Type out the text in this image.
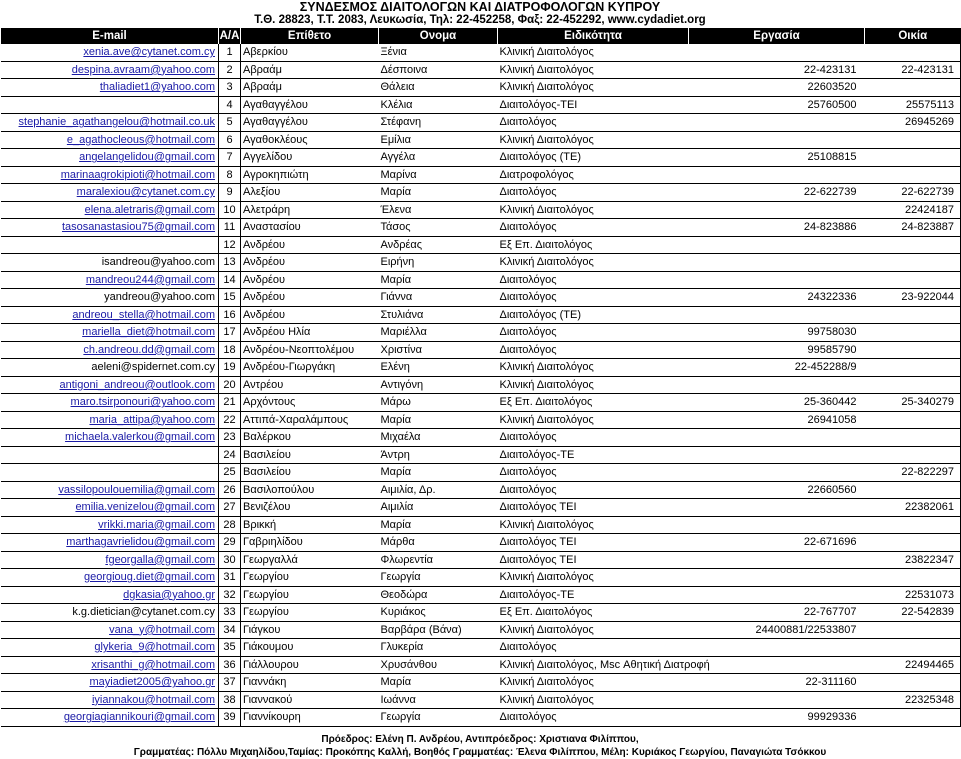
ΣΥΝΔΕΣΜΟΣ ΔΙΑΙΤΟΛΟΓΩΝ ΚΑΙ ΔΙΑΤΡΟΦΟΛΟΓΩΝ ΚΥΠΡΟΥ
Τ.Θ. 28823, Τ.Τ. 2083, Λευκωσία, Τηλ: 22-452258, Φαξ: 22-452292, www.cydadiet.org
E-mail	Α/Α	Επίθετο	Ονομα	Ειδικότητα	Εργασία	Οικία
xenia.ave@cytanet.com.cy	1	Αβερκίου	Ξένια	Κλινική Διαιτολόγος		
despina.avraam@yahoo.com	2	Αβραάμ	Δέσποινα	Κλινική Διαιτολόγος	22-423131	22-423131
thaliadiet1@yahoo.com	3	Αβραάμ	Θάλεια	Κλινική Διαιτολόγος	22603520	
	4	Αγαθαγγέλου	Κλέλια	Διαιτολόγος-ΤΕΙ	25760500	25575113
stephanie_agathangelou@hotmail.co.uk	5	Αγαθαγγέλου	Στέφανη	Διαιτολόγος		26945269
e_agathocleous@hotmail.com	6	Αγαθοκλέους	Εμίλια	Κλινική Διαιτολόγος		
angelangelidou@gmail.com	7	Αγγελίδου	Αγγέλα	Διαιτολόγος (ΤΕ)	25108815	
marinaagrokipioti@hotmail.com	8	Αγροκηπιώτη	Μαρίνα	Διατροφολόγος		
maralexiou@cytanet.com.cy	9	Αλεξίου	Μαρία	Διαιτολόγος	22-622739	22-622739
elena.aletraris@gmail.com	10	Αλετράρη	Έλενα	Κλινική Διαιτολόγος		22424187
tasosanastasiou75@gmail.com	11	Αναστασίου	Τάσος	Διαιτολόγος	24-823886	24-823887
	12	Ανδρέου	Ανδρέας	Εξ Επ. Διαιτολόγος		
isandreou@yahoo.com	13	Ανδρέου	Ειρήνη	Κλινική Διαιτολόγος		
mandreou244@gmail.com	14	Ανδρέου	Μαρία	Διαιτολόγος		
yandreou@yahoo.com	15	Ανδρέου	Γιάννα	Διαιτολόγος	24322336	23-922044
andreou_stella@hotmail.com	16	Ανδρέου	Στυλιάνα	Διαιτολόγος (ΤΕ)		
mariella_diet@hotmail.com	17	Ανδρέου Ηλία	Μαριέλλα	Διαιτολόγος	99758030	
ch.andreou.dd@gmail.com	18	Ανδρέου-Νεοπτολέμου	Χριστίνα	Διαιτολόγος	99585790	
aeleni@spidernet.com.cy	19	Ανδρέου-Γιωργάκη	Ελένη	Κλινική Διαιτολόγος	22-452288/9	
antigoni_andreou@outlook.com	20	Αντρέου	Αντιγόνη	Κλινική Διαιτολόγος		
maro.tsirponouri@yahoo.com	21	Αρχόντους	Μάρω	Εξ Επ. Διαιτολόγος	25-360442	25-340279
maria_attipa@yahoo.com	22	Αττιπά-Χαραλάμπους	Μαρία	Κλινική Διαιτολόγος	26941058	
michaela.valerkou@gmail.com	23	Βαλέρκου	Μιχαέλα	Διαιτολόγος		
	24	Βασιλείου	Άντρη	Διαιτολόγος-ΤΕ		
	25	Βασιλείου	Μαρία	Διαιτολόγος		22-822297
vassilopoulouemilia@gmail.com	26	Βασιλοπούλου	Αιμιλία, Δρ.	Διαιτολόγος	22660560	
emilia.venizelou@gmail.com	27	Βενιζέλου	Αιμιλία	Διαιτολόγος ΤΕΙ		22382061
vrikki.maria@gmail.com	28	Βρικκή	Μαρία	Κλινική Διαιτολόγος		
marthagavrielidou@gmail.com	29	Γαβριηλίδου	Μάρθα	Διαιτολόγος ΤΕΙ	22-671696	
fgeorgalla@gmail.com	30	Γεωργαλλά	Φλωρεντία	Διαιτολόγος ΤΕΙ		23822347
georgioug.diet@gmail.com	31	Γεωργίου	Γεωργία	Κλινική Διαιτολόγος		
dgkasia@yahoo.gr	32	Γεωργίου	Θεοδώρα	Διαιτολόγος-ΤΕ		22531073
k.g.dietician@cytanet.com.cy	33	Γεωργίου	Κυριάκος	Εξ Επ. Διαιτολόγος	22-767707	22-542839
vana_y@hotmail.com	34	Γιάγκου	Βαρβάρα (Βάνα)	Κλινική Διαιτολόγος	24400881/22533807	
glykeria_9@hotmail.com	35	Γιάκουμου	Γλυκερία	Διαιτολόγος		
xrisanthi_g@hotmail.com	36	Γιάλλουρου	Χρυσάνθου	Κλινική Διαιτολόγος, Msc Αθητική Διατροφή		22494465
mayiadiet2005@yahoo.gr	37	Γιαννάκη	Μαρία	Κλινική Διαιτολόγος	22-311160	
iyiannakou@hotmail.com	38	Γιαννακού	Ιωάννα	Κλινική Διαιτολόγος		22325348
georgiagiannikouri@gmail.com	39	Γιαννίκουρη	Γεωργία	Διαιτολόγος	99929336	
Πρόεδρος: Ελένη Π. Ανδρέου, Αντιπρόεδρος: Χριστιανα Φιλίππου,
Γραμματέας: Πόλλυ Μιχαηλίδου,Ταμίας: Προκόπης Καλλή, Βοηθός Γραμματέας: Έλενα Φιλίππου, Μέλη: Κυριάκος Γεωργίου, Παναγιώτα Τσόκκου
